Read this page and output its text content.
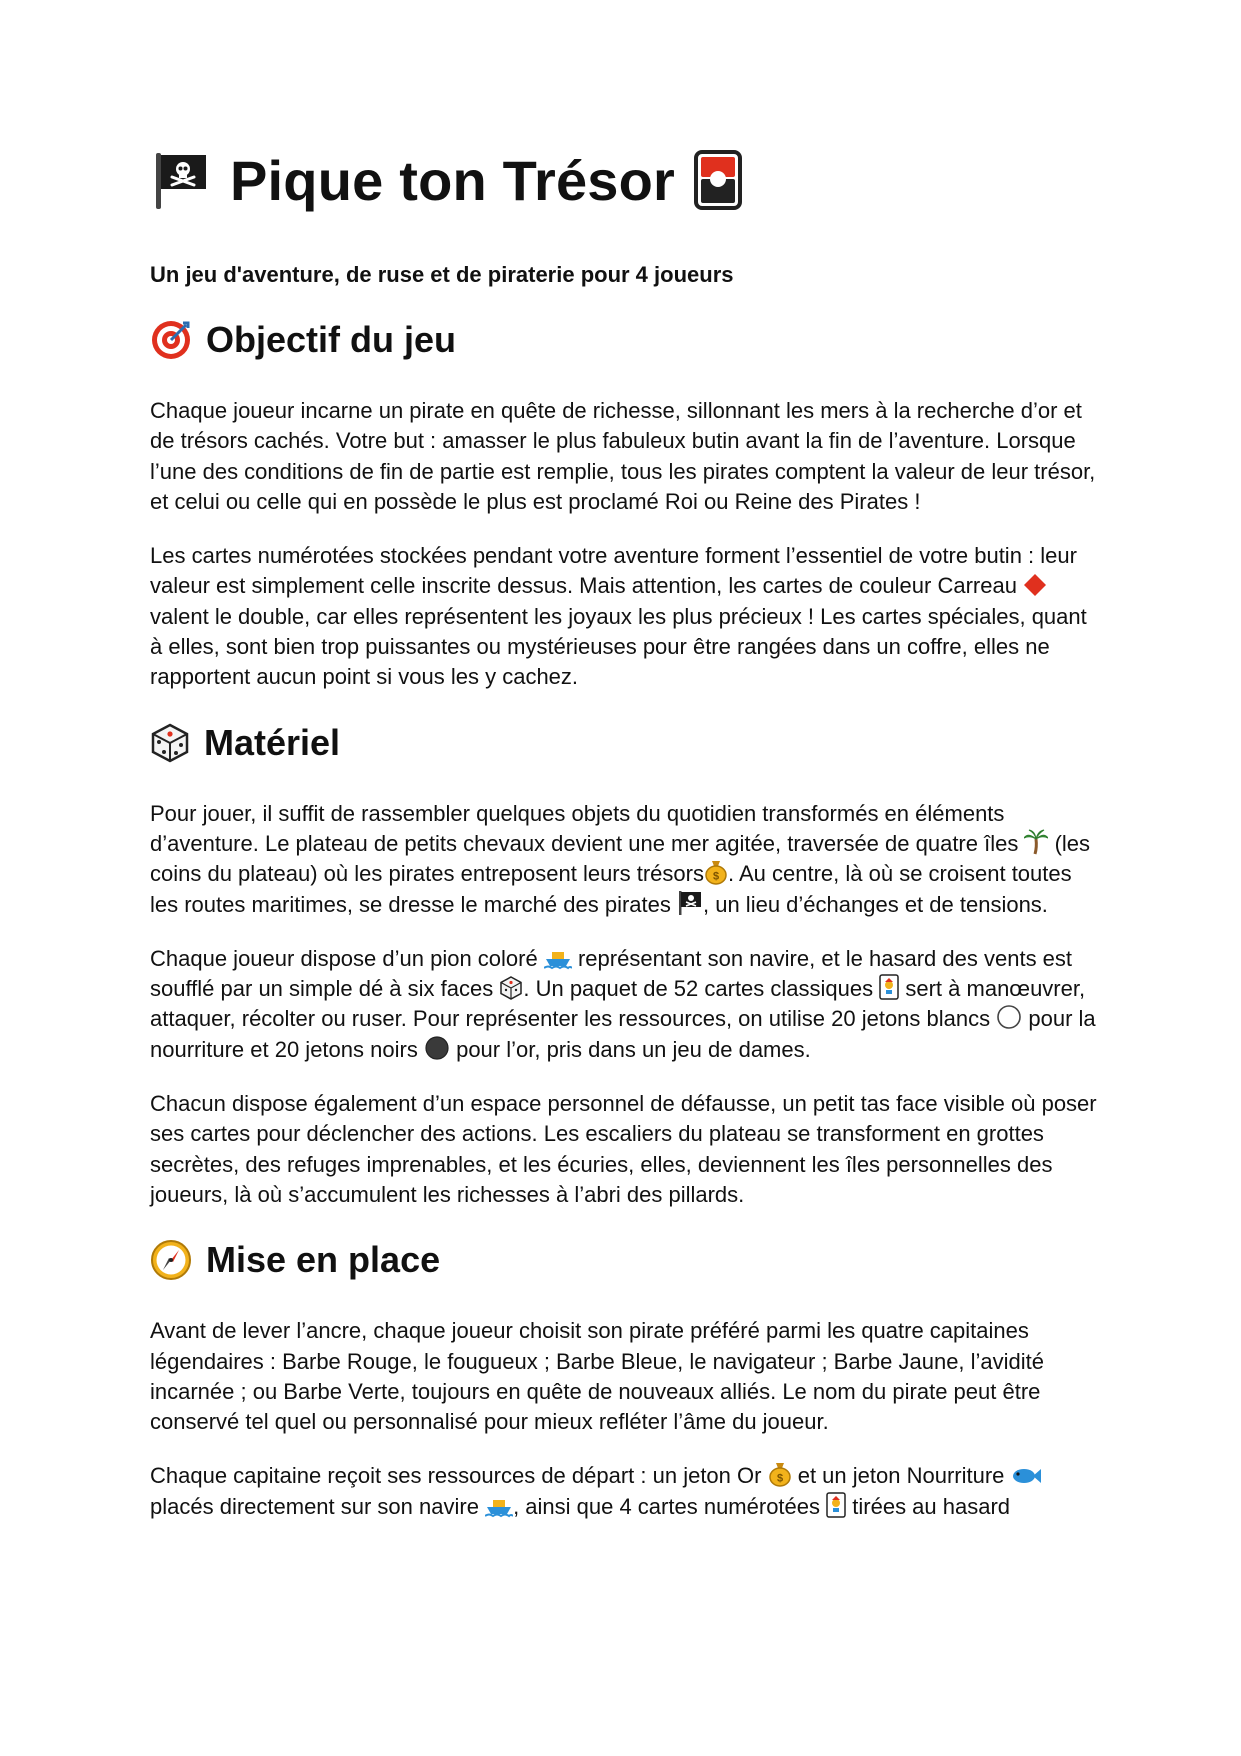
Pique ton Trésor

Un jeu d'aventure, de ruse et de piraterie pour 4 joueurs

Objectif du jeu

Chaque joueur incarne un pirate en quête de richesse, sillonnant les mers à la recherche d’or et de trésors cachés. Votre but : amasser le plus fabuleux butin avant la fin de l’aventure. Lorsque l’une des conditions de fin de partie est remplie, tous les pirates comptent la valeur de leur trésor, et celui ou celle qui en possède le plus est proclamé Roi ou Reine des Pirates !

Les cartes numérotées stockées pendant votre aventure forment l’essentiel de votre butin : leur valeur est simplement celle inscrite dessus. Mais attention, les cartes de couleur Carreau
valent le double, car elles représentent les joyaux les plus précieux ! Les cartes spéciales, quant à elles, sont bien trop puissantes ou mystérieuses pour être rangées dans un coffre, elles ne rapportent aucun point si vous les y cachez.

Matériel

Pour jouer, il suffit de rassembler quelques objets du quotidien transformés en éléments d’aventure. Le plateau de petits chevaux devient une mer agitée, traversée de quatre îles (les coins du plateau) où les pirates entreposent leurs trésors $ . Au centre, là où se croisent toutes les routes maritimes, se dresse le marché des pirates , un lieu d’échanges et de tensions.

Chaque joueur dispose d’un pion coloré représentant son navire, et le hasard des vents est soufflé par un simple dé à six faces . Un paquet de 52 cartes classiques sert à manœuvrer, attaquer, récolter ou ruser. Pour représenter les ressources, on utilise 20 jetons blancs pour la nourriture et 20 jetons noirs pour l’or, pris dans un jeu de dames.

Chacun dispose également d’un espace personnel de défausse, un petit tas face visible où poser ses cartes pour déclencher des actions. Les escaliers du plateau se transforment en grottes secrètes, des refuges imprenables, et les écuries, elles, deviennent les îles personnelles des joueurs, là où s’accumulent les richesses à l’abri des pillards.

Mise en place

Avant de lever l’ancre, chaque joueur choisit son pirate préféré parmi les quatre capitaines légendaires : Barbe Rouge, le fougueux ; Barbe Bleue, le navigateur ; Barbe Jaune, l’avidité incarnée ; ou Barbe Verte, toujours en quête de nouveaux alliés. Le nom du pirate peut être conservé tel quel ou personnalisé pour mieux refléter l’âme du joueur.

Chaque capitaine reçoit ses ressources de départ : un jeton Or $ et un jeton Nourriture
placés directement sur son navire , ainsi que 4 cartes numérotées tirées au hasard
